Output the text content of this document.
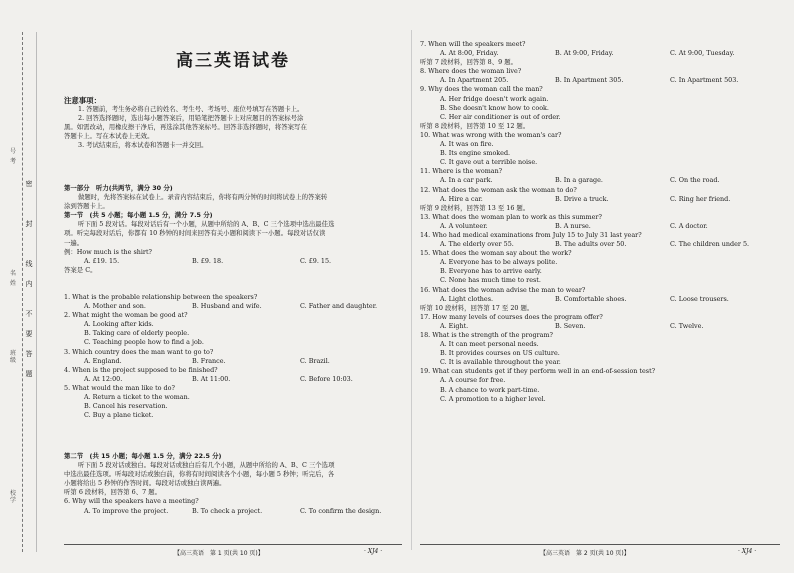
密
封
线
内
不
要
答
题
号
考
名
姓
班级
校学
高三英语试卷

注意事项：

1. 答题前，考生务必将自己的姓名、考生号、考场号、座位号填写在答题卡上。

2. 回答选择题时，选出每小题答案后，用铅笔把答题卡上对应题目的答案标号涂

黑。如需改动，用橡皮擦干净后，再选涂其他答案标号。回答非选择题时，将答案写在

答题卡上。写在本试卷上无效。

3. 考试结束后，将本试卷和答题卡一并交回。

第一部分　听力(共两节，满分 30 分)

做题时，先将答案标在试卷上。录音内容结束后，你将有两分钟的时间将试卷上的答案转

涂到答题卡上。

第一节　(共 5 小题；每小题 1.5 分，满分 7.5 分)

听下面 5 段对话。每段对话后有一个小题，从题中所给的 A、B、C 三个选项中选出最佳选

项。听完每段对话后，你都有 10 秒钟的时间来回答有关小题和阅读下一小题。每段对话仅读

一遍。

例：How much is the shirt?

A. £19. 15.	B. £9. 18.	C. £9. 15.

答案是 C。

1. What is the probable relationship between the speakers?

A. Mother and son.	B. Husband and wife.	C. Father and daughter.

2. What might the woman be good at?

A. Looking after kids.

B. Taking care of elderly people.

C. Teaching people how to find a job.

3. Which country does the man want to go to?

A. England.	B. France.	C. Brazil.

4. When is the project supposed to be finished?

A. At 12:00.	B. At 11:00.	C. Before 10:03.

5. What would the man like to do?

A. Return a ticket to the woman.

B. Cancel his reservation.

C. Buy a plane ticket.

第二节　(共 15 小题；每小题 1.5 分，满分 22.5 分)

听下面 5 段对话或独白。每段对话或独白后有几个小题，从题中所给的 A、B、C 三个选项

中选出最佳选项。听每段对话或独白前，你将有时间阅读各个小题，每小题 5 秒钟；听完后，各

小题将给出 5 秒钟的作答时间。每段对话或独白读两遍。

听第 6 段材料，回答第 6、7 题。

6. Why will the speakers have a meeting?

A. To improve the project.	B. To check a project.	C. To confirm the design.

7. When will the speakers meet?

A. At 8:00, Friday.	B. At 9:00, Friday.	C. At 9:00, Tuesday.

听第 7 段材料，回答第 8、9 题。

8. Where does the woman live?

A. In Apartment 205.	B. In Apartment 305.	C. In Apartment 503.

9. Why does the woman call the man?

A. Her fridge doesn't work again.

B. She doesn't know how to cook.

C. Her air conditioner is out of order.

听第 8 段材料，回答第 10 至 12 题。

10. What was wrong with the woman's car?

A. It was on fire.

B. Its engine smoked.

C. It gave out a terrible noise.

11. Where is the woman?

A. In a car park.	B. In a garage.	C. On the road.

12. What does the woman ask the woman to do?

A. Hire a car.	B. Drive a truck.	C. Ring her friend.

听第 9 段材料，回答第 13 至 16 题。

13. What does the woman plan to work as this summer?

A. A volunteer.	B. A nurse.	C. A doctor.

14. Who had medical examinations from July 15 to July 31 last year?

A. The elderly over 55.	B. The adults over 50.	C. The children under 5.

15. What does the woman say about the work?

A. Everyone has to be always polite.

B. Everyone has to arrive early.

C. None has much time to rest.

16. What does the woman advise the man to wear?

A. Light clothes.	B. Comfortable shoes.	C. Loose trousers.

听第 10 段材料，回答第 17 至 20 题。

17. How many levels of courses does the program offer?

A. Eight.	B. Seven.	C. Twelve.

18. What is the strength of the program?

A. It can meet personal needs.

B. It provides courses on US culture.

C. It is available throughout the year.

19. What can students get if they perform well in an end-of-session test?

A. A course for free.

B. A chance to work part-time.

C. A promotion to a higher level.

【高三英语　第 1 页(共 10 页)】	· XJ4 ·	【高三英语　第 2 页(共 10 页)】	· XJ4 ·
